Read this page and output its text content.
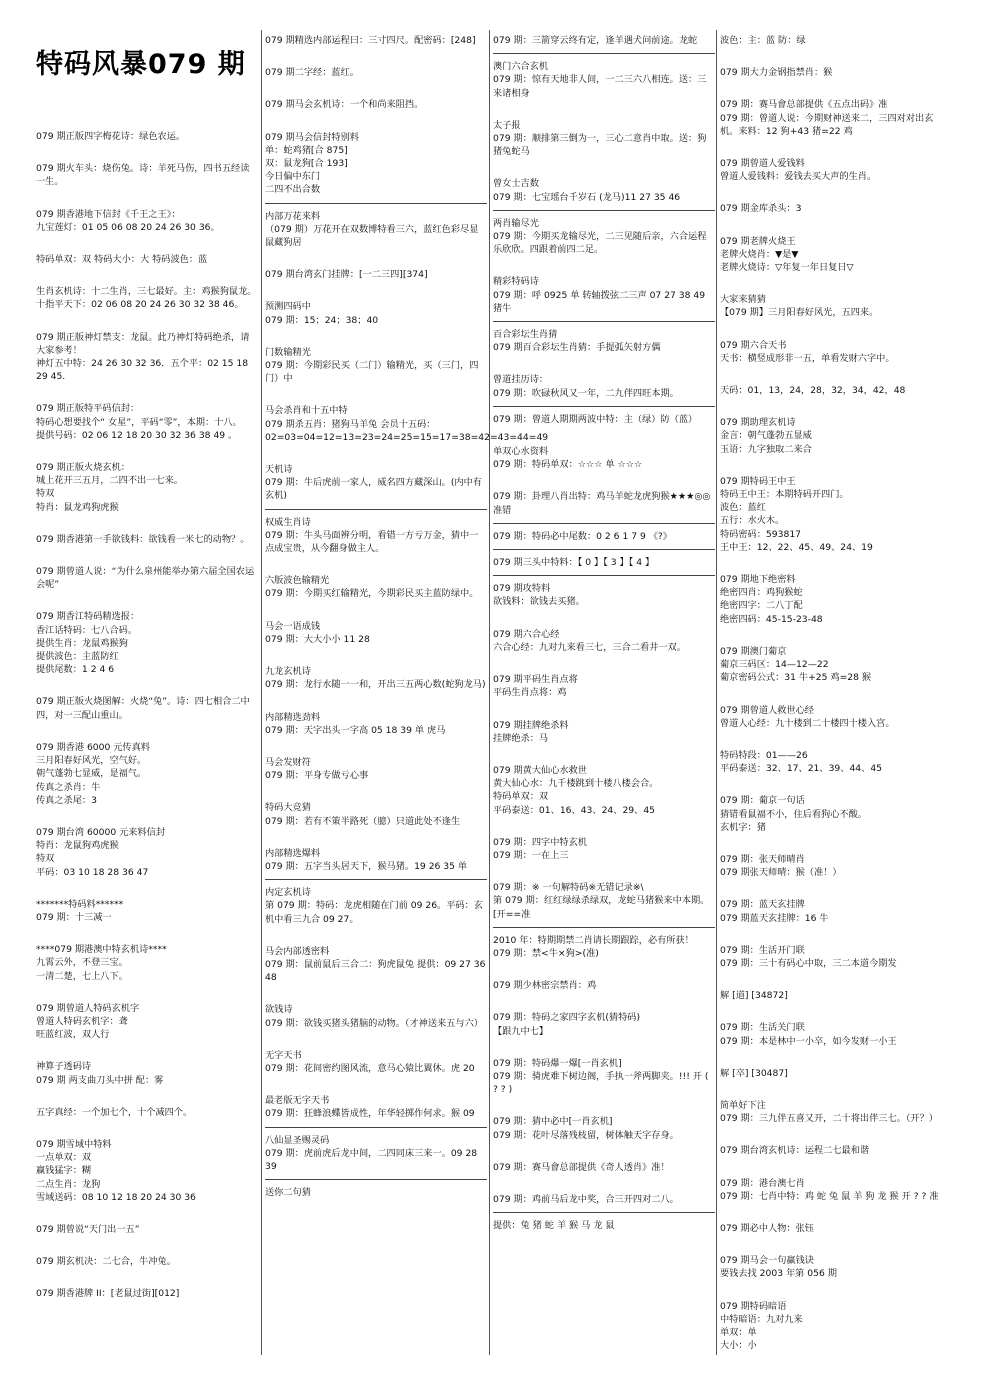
特码风暴079 期
079 期正版四字梅花诗：绿色农运。
079 期火车头：烧伤兔。诗：羊死马伤，四书五经读一生。
079 期香港地下信封《千王之王》：
九宝莲灯：01 05 06 08 20 24 26 30 36。
特码单双：双 特码大小：大 特码波色：蓝
生肖玄机诗：十二生肖，三七最好。主：鸡猴狗鼠龙。
十指平天下：02 06 08 20 24 26 30 32 38 46。
079 期正版神灯禁支：龙鼠。此乃神灯特码绝杀，请大家参考！
神灯五中特：24 26 30 32 36．五个平：02 15 18 29 45.
079 期正版特平码信封：
特码心想要找个“ 女星”，平码“零”，本期：十八。
提供号码：02 06 12 18 20 30 32 36 38 49 。
079 期正版火烧玄机：
城上花开三五月，二四不出一七来。
特双
特肖：鼠龙鸡狗虎猴
079 期香港第一手欲钱料：欲钱看一米七的动物？。
079 期曾道人说：“为什么泉州能举办第六届全国农运会呢”
079 期香江特码精选报：
香江话特码：七八合码。
提供生肖：龙鼠鸡猴狗
提供波色：主蓝防红
提供尾数：1 2 4 6
079 期正版火烧图解：火烧“兔”。诗：四七相合二中四，对一三配山重山。
079 期香港 6000 元传真料
三月阳春好风光，空气好。
朝气蓬勃七显威，是福气。
传真之杀肖：牛
传真之杀尾：3
079 期台湾 60000 元来料信封
特肖：龙鼠狗鸡虎猴
特双
平码：03 10 18 28 36 47
*******特码料******
079 期：十三减一
****079 期港澳中特玄机诗****
九霄云外，不登三宝。
一清二楚，七上八下。
079 期曾道人特码玄机字
曾道人特码玄机字：聋
旺蓝红波，双人行
神算子透码诗
079 期 两支曲刀头中拼 配：雾
五字真经：一个加七个，十个减四个。
079 期雪域中特料
一点单双：双
赢钱猛字：糊
二点生肖：龙狗
雪域送码：08 10 12 18 20 24 30 36
079 期曾说“天门出一五”
079 期玄机决：二七合，牛冲兔。
079 期香港牌 II：[老鼠过街][012]
079 期精选内部运程曰：三寸四尺。配密码：[248]
079 期二字经：蓝红。
079 期马会玄机诗：一个和尚来阻挡。
079 期马会信封特别料
单：蛇鸡猪[合 875]
双：鼠龙狗[合 193]
今日偏中东门
二四不出合数
内部万花来料
（079 期）万花开在双数博特看三六，蓝红色彩尽显鼠藏狗居
079 期台湾玄门挂牌：[一二三四][374]
预测四码中
079 期：15；24；38；40
门数输精光
079 期：今期彩民买（二门）输精光，买（三门，四门）中
马会杀肖和十五中特
079 期杀五肖：猪狗马羊兔 会员十五码：02=03=04=12=13=23=24=25=15=17=38=42=43=44=49
天机诗
079 期：牛后虎前一家人，威名四方藏深山。(内中有玄机)
权威生肖诗
079 期：牛头马面辨分明，看错一方亏万金，猜中一点成宝贵，从今翻身做主人。
六版波色输精光
079 期：今期买红输精光，今期彩民买主蓝防绿中。
马会一语成钱
079 期：大大小小 11 28
九龙玄机诗
079 期：龙行水随一一和，开出三五两心数(蛇狗龙马)
内部精选劲料
079 期：天字出头一字高 05 18 39 单 虎马
马会发财符
079 期：平身专做亏心事
特码大竞猜
079 期：若有不策半路死（臆）只道此处不逢生
内部精选爆料
079 期：五字当头居天下，猴马猪。19 26 35 单
内定玄机诗
第 079 期：特码：龙虎相随在门前 09 26。平码：玄机中看三九合 09 27。
马会内部透密料
079 期：鼠前鼠后三合二：狗虎鼠兔 提供：09 27 36 48
欲钱诗
079 期：欲钱买猪头猪脑的动物。（才神送来五与六）
无字天书
079 期：花间密约图风流，意马心猿比翼休。虎 20
最老版无字天书
079 期：狂蜂浪蝶皆成性，年华轻掷作何求。猴 09
八仙显圣赐灵码
079 期：虎前虎后龙中间，二四同床三来一。09 28 39
送你二句猜
079 期：三箭穿云终有定，逢羊遇犬问前途。龙蛇
澳门六合玄机
079 期：惊有天地非人间，一二三六八相连。送：三来诸相身
太子报
079 期：顺排第三倒为一，三心二意肖中取。送：狗猪兔蛇马
曾女士吉数
079 期：七宝瑶台千岁石 (龙马)11 27 35 46
两肖输尽光
079 期：今期买龙输尽光，二三见随后亲，六合运程乐欣欣。四跟着前四二足。
精彩特码诗
079 期：呼 0925 单 转轴拨弦二三声 07 27 38 49 猪牛
百合彩坛生肖猜
079 期百合彩坛生肖猜：手提弧矢射方偶
曾道挂历诗：
079 期：吹碌秋风又一年，二九伴四旺本期。
079 期：曾道人期期两波中特：主（绿）防（蓝）
单双心水资料
079 期：特码单双：☆☆☆ 单 ☆☆☆
079 期：卦理八肖出特：鸡马羊蛇龙虎狗猴★★★◎◎准错
079 期：特码必中尾数：0 2 6 1 7 9 《?》
079 期三头中特料：【 0 】【 3 】【 4 】
079 期攻特料
欲钱料：欲钱去买猪。
079 期六合心经
六合心经：九对九来看三七，三合二看井一双。
079 期平码生肖点将
平码生肖点将：鸡
079 期挂牌绝杀料
挂牌绝杀：马
079 期黄大仙心水救世
黄大仙心水：九千楼跳到十楼八楼会合。
特码单双：双
平码泰送：01、16、43、24、29、45
079 期：四字中特玄机
079 期：一在上三
079 期：※ 一句解特码※无错记录※\
第 079 期：红红绿绿杀绿双，龙蛇马猪猴来中本期。[开==准
2010 年：特期期禁二肖请长期跟踪，必有所获！
079 期：禁<牛×狗>(准)
079 期少林密宗禁肖：鸡
079 期：特码之家四字玄机(猜特码)
【跟九中七】
079 期：特码爆一爆[一肖玄机]
079 期：骑虎难下树边阁，手执一斧两脚夹。!!! 开 ( ? ? )
079 期：猜中必中[一肖玄机]
079 期：花叶尽落残枝留，树体触天字存身。
079 期：赛马會总部提供《奇人透肖》准！
079 期：鸡前马后龙中奖，合三开四对二八。
提供：兔 猪 蛇 羊 猴 马 龙 鼠
波色：主：蓝 防：绿
079 期大力金钢指禁肖：猴
079 期：赛马會总部提供《五点出码》准
079 期：曾道人说：今期财神送来二，三四对对出玄机。来料：12 狗+43 猪=22 鸡
079 期曾道人爱钱料
曾道人爱钱料：爱钱去买大声的生肖。
079 期金库杀头：3
079 期老牌火烧王
老牌火烧肖：▼是▼
老牌火烧诗：▽年复一年日复日▽
大家来猜猜
【079 期】三月阳春好风光，五四来。
079 期六合天书
天书：横竖成形非一五，单看发财六字中。
天码：01，13，24，28，32，34，42，48
079 期助理玄机诗
金言：朝气蓬勃五显威
玉语：九字独取二来合
079 期特码王中王
特码王中王：本期特码开四门。
波色：蓝红
五行：水火木。
特码密码：593817
王中王：12、22、45、49、24、19
079 期地下绝密料
绝密四肖：鸡狗猴蛇
绝密四字：二八丁配
绝密四码：45-15-23-48
079 期澳门葡京
葡京三码区：14—12—22
葡京密码公式：31 牛+25 鸡=28 猴
079 期曾道人救世心经
曾道人心经：九十楼到二十楼四十楼入宫。
特码特段：01——26
平码泰送：32、17、21、39、44、45
079 期：葡京一句话
猜错看鼠福不小，住后看狗心不酸。
玄机字：猪
079 期：张天师晴肖
079 期张天师晴：猴（准！）
079 期：蓝天玄挂牌
079 期蓝天玄挂牌：16 牛
079 期：生活开门联
079 期：三十有码心中取，三二本道今期发
解 [道] [34872]
079 期：生活关门联
079 期：本是林中一小卒，如今发财一小王
解 [卒] [30487]
简单好下注
079 期：三九伴五喜又开，二十将出伴三七。（开？）
079 期台湾玄机诗：运程二七最和谐
079 期：港台澳七肖
079 期：七肖中特：鸡 蛇 兔 鼠 羊 狗 龙 猴 开 ? ? 准
079 期必中人物：张钰
079 期马会一句赢钱诀
要钱去找 2003 年第 056 期
079 期特码暗语
中特暗语：九对九来
单双：单
大小：小
